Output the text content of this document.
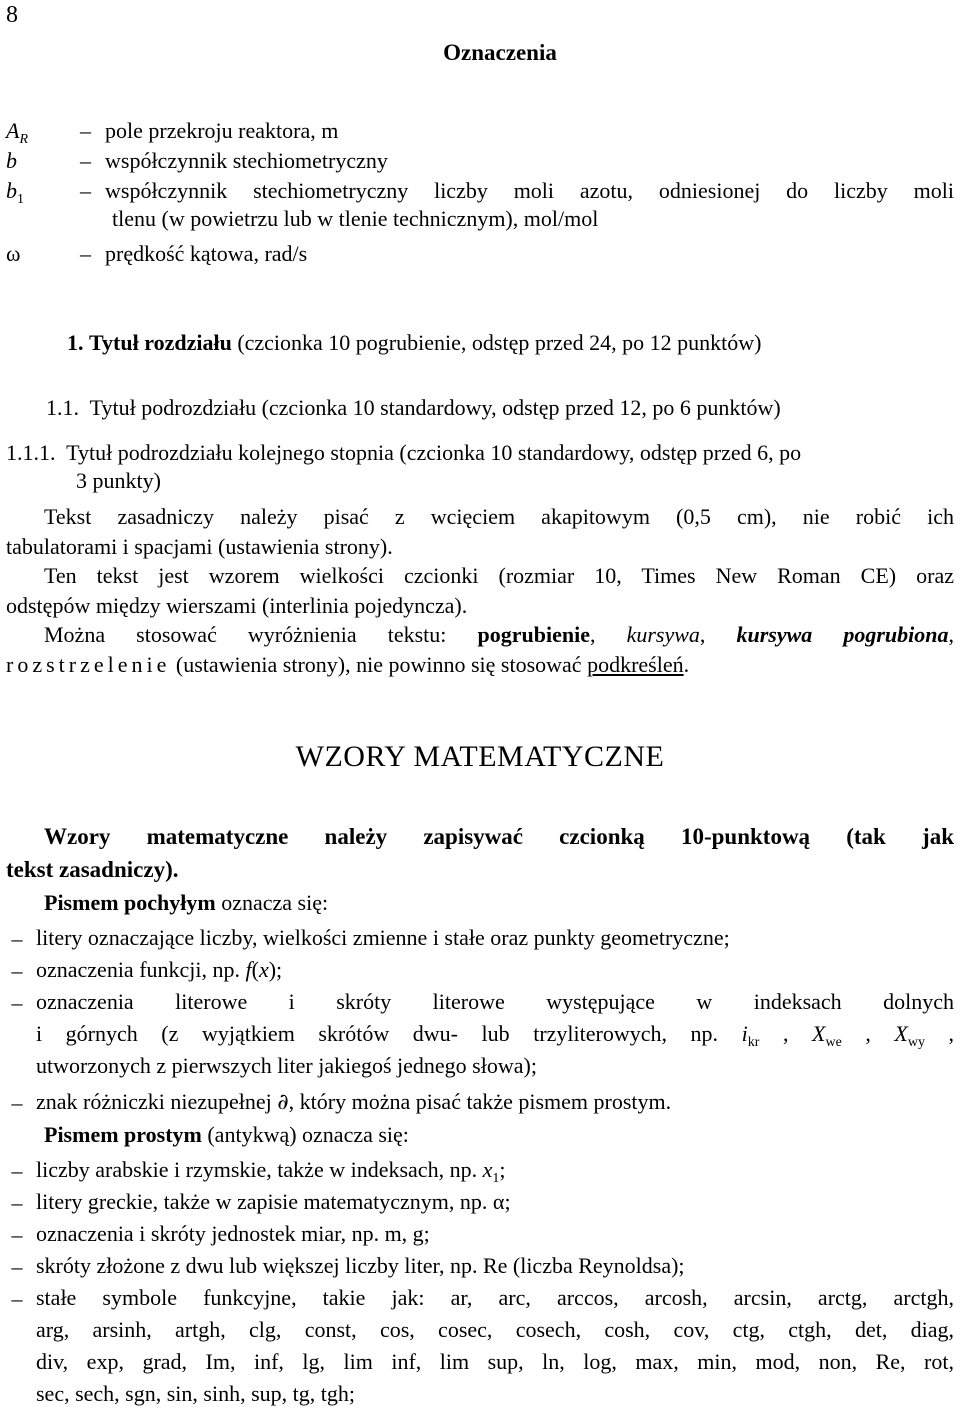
8
Oznaczenia
$A_R$ – pole przekroju reaktora, m
b	– współczynnik stechiometryczny
$b_1$	– współczynnik stechiometryczny liczby moli azotu, odniesionej do liczby moli
tlenu (w powietrzu lub w tlenie technicznym), mol/mol
ω	– prędkość kątowa, rad/s
1. Tytuł rozdziału (czcionka 10 pogrubienie, odstęp przed 24, po 12 punktów)
1.1. Tytuł podrozdziału (czcionka 10 standardowy, odstęp przed 12, po 6 punktów)
1.1.1. Tytuł podrozdziału kolejnego stopnia (czcionka 10 standardowy, odstęp przed 6, po
3 punkty)
Tekst zasadniczy należy pisać z wcięciem akapitowym (0,5 cm), nie robić ich
tabulatorami i spacjami (ustawienia strony).
Ten tekst jest wzorem wielkości czcionki (rozmiar 10, Times New Roman CE) oraz
odstępów między wierszami (interlinia pojedyncza).
Można stosować wyróżnienia tekstu: pogrubienie, kursywa, kursywa pogrubiona,
rozstrzelenie (ustawienia strony), nie powinno się stosować podkreśleń.
WZORY MATEMATYCZNE
Wzory matematyczne należy zapisywać czcionką 10-punktową (tak jak
tekst zasadniczy).
Pismem pochyłym oznacza się:
– litery oznaczające liczby, wielkości zmienne i stałe oraz punkty geometryczne;
– oznaczenia funkcji, np. f(x);
– oznaczenia literowe i skróty literowe występujące w indeksach dolnych
i górnych (z wyjątkiem skrótów dwu- lub trzyliterowych, np. $i_{kr}$ , $X_{we}$ , $X_{wy}$ ,
utworzonych z pierwszych liter jakiegoś jednego słowa);
– znak różniczki niezupełnej ∂, który można pisać także pismem prostym.
Pismem prostym (antykwą) oznacza się:
– liczby arabskie i rzymskie, także w indeksach, np. $x_1$;
– litery greckie, także w zapisie matematycznym, np. α;
– oznaczenia i skróty jednostek miar, np. m, g;
– skróty złożone z dwu lub większej liczby liter, np. Re (liczba Reynoldsa);
– stałe symbole funkcyjne, takie jak: ar, arc, arccos, arcosh, arcsin, arctg, arctgh,
arg, arsinh, artgh, clg, const, cos, cosec, cosech, cosh, cov, ctg, ctgh, det, diag,
div, exp, grad, Im, inf, lg, lim inf, lim sup, ln, log, max, min, mod, non, Re, rot,
sec, sech, sgn, sin, sinh, sup, tg, tgh;
